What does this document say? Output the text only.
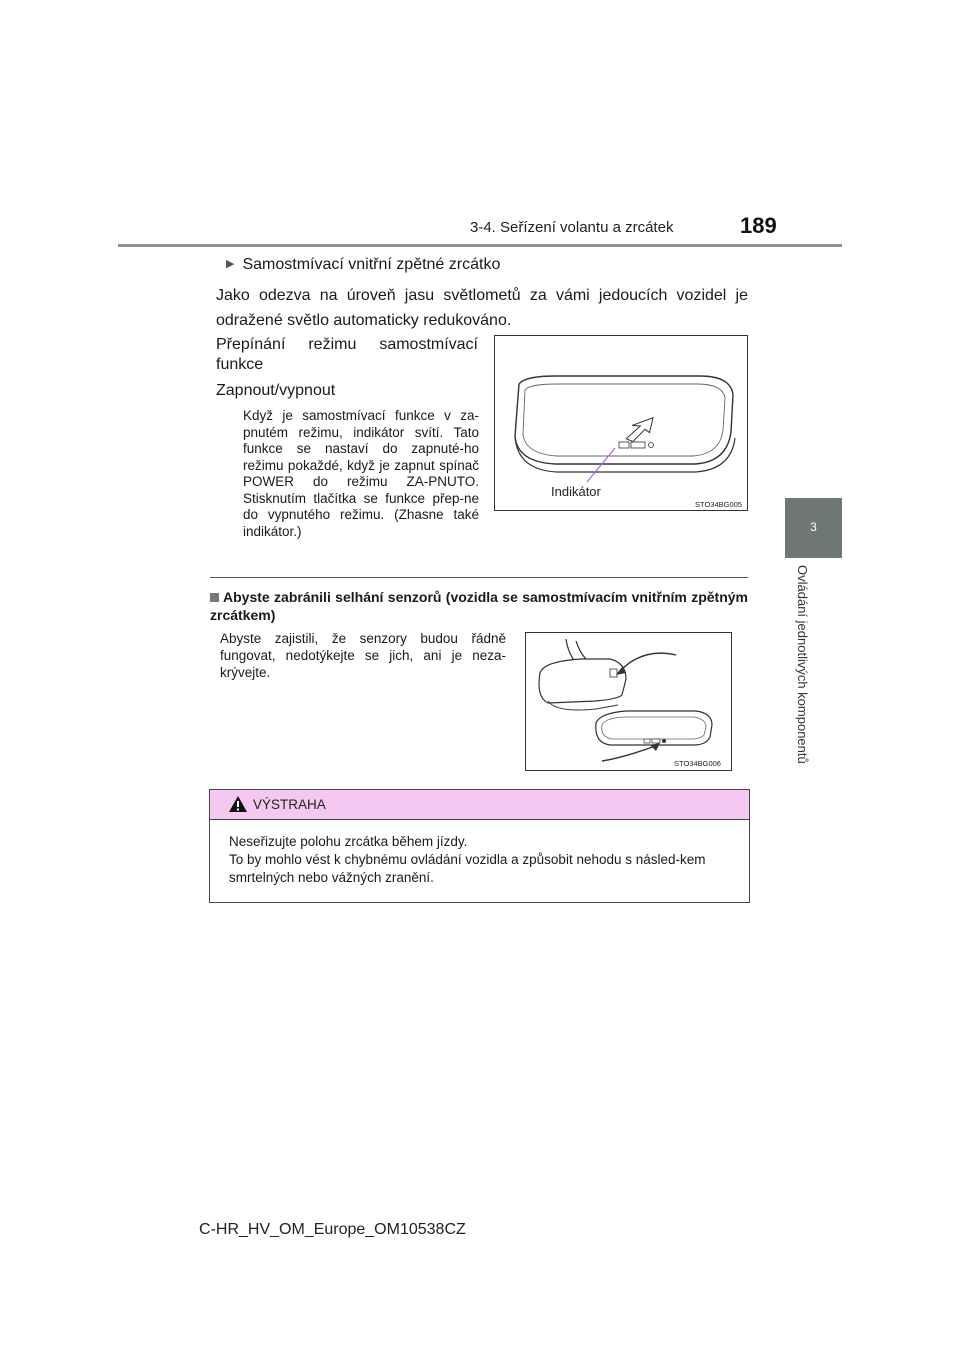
3-4. Seřízení volantu a zrcátek	189
3
Ovládání jednotlivých komponentů
▶ Samostmívací vnitřní zpětné zrcátko
Jako odezva na úroveň jasu světlometů za vámi jedoucích vozidel je odražené světlo automaticky redukováno.
Přepínání režimu samostmívací
funkce
Zapnout/vypnout
Když je samostmívací funkce v za-pnutém režimu, indikátor svítí. Tato funkce se nastaví do zapnuté-ho režimu pokaždé, když je zapnut spínač POWER do režimu ZA-PNUTO. Stisknutím tlačítka se funkce přep-ne do vypnutého režimu. (Zhasne také indikátor.)
Indikátor
STO34BG005
Abyste zabránili selhání senzorů (vozidla se samostmívacím vnitřním zpětným zrcátkem)
Abyste zajistili, že senzory budou řádně fungovat, nedotýkejte se jich, ani je neza-krývejte.
STO34BG006
VÝSTRAHA
Neseřizujte polohu zrcátka během jízdy.
To by mohlo vést k chybnému ovládání vozidla a způsobit nehodu s násled-kem smrtelných nebo vážných zranění.
C-HR_HV_OM_Europe_OM10538CZ
